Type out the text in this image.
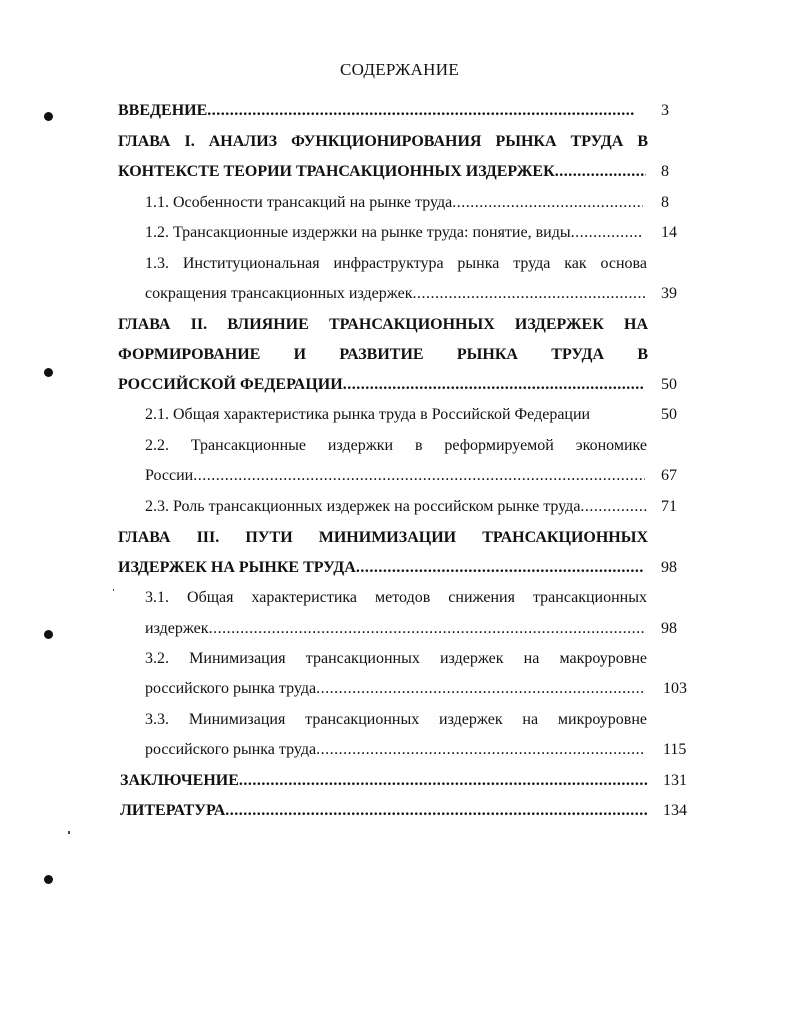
СОДЕРЖАНИЕ
ВВЕДЕНИЕ .....	3
ГЛАВА I. АНАЛИЗ ФУНКЦИОНИРОВАНИЯ РЫНКА ТРУДА В
КОНТЕКСТЕ ТЕОРИИ ТРАНСАКЦИОННЫХ ИЗДЕРЖЕК .....	8
1.1. Особенности трансакций на рынке труда .....	8
1.2. Трансакционные издержки на рынке труда: понятие, виды .....	14
1.3. Институциональная инфраструктура рынка труда как основа
сокращения трансакционных издержек .....	39
ГЛАВА II. ВЛИЯНИЕ ТРАНСАКЦИОННЫХ ИЗДЕРЖЕК НА
ФОРМИРОВАНИЕ И РАЗВИТИЕ РЫНКА ТРУДА В
РОССИЙСКОЙ ФЕДЕРАЦИИ .....	50
2.1. Общая характеристика рынка труда в Российской Федерации	50
2.2. Трансакционные издержки в реформируемой экономике
России .....	67
2.3. Роль трансакционных издержек на российском рынке труда .....	71
ГЛАВА III. ПУТИ МИНИМИЗАЦИИ ТРАНСАКЦИОННЫХ
ИЗДЕРЖЕК НА РЫНКЕ ТРУДА .....	98
3.1. Общая характеристика методов снижения трансакционных
издержек .....	98
3.2. Минимизация трансакционных издержек на макроуровне
российского рынка труда .....	103
3.3. Минимизация трансакционных издержек на микроуровне
российского рынка труда .....	115
ЗАКЛЮЧЕНИЕ .....	131
ЛИТЕРАТУРА .....	134
